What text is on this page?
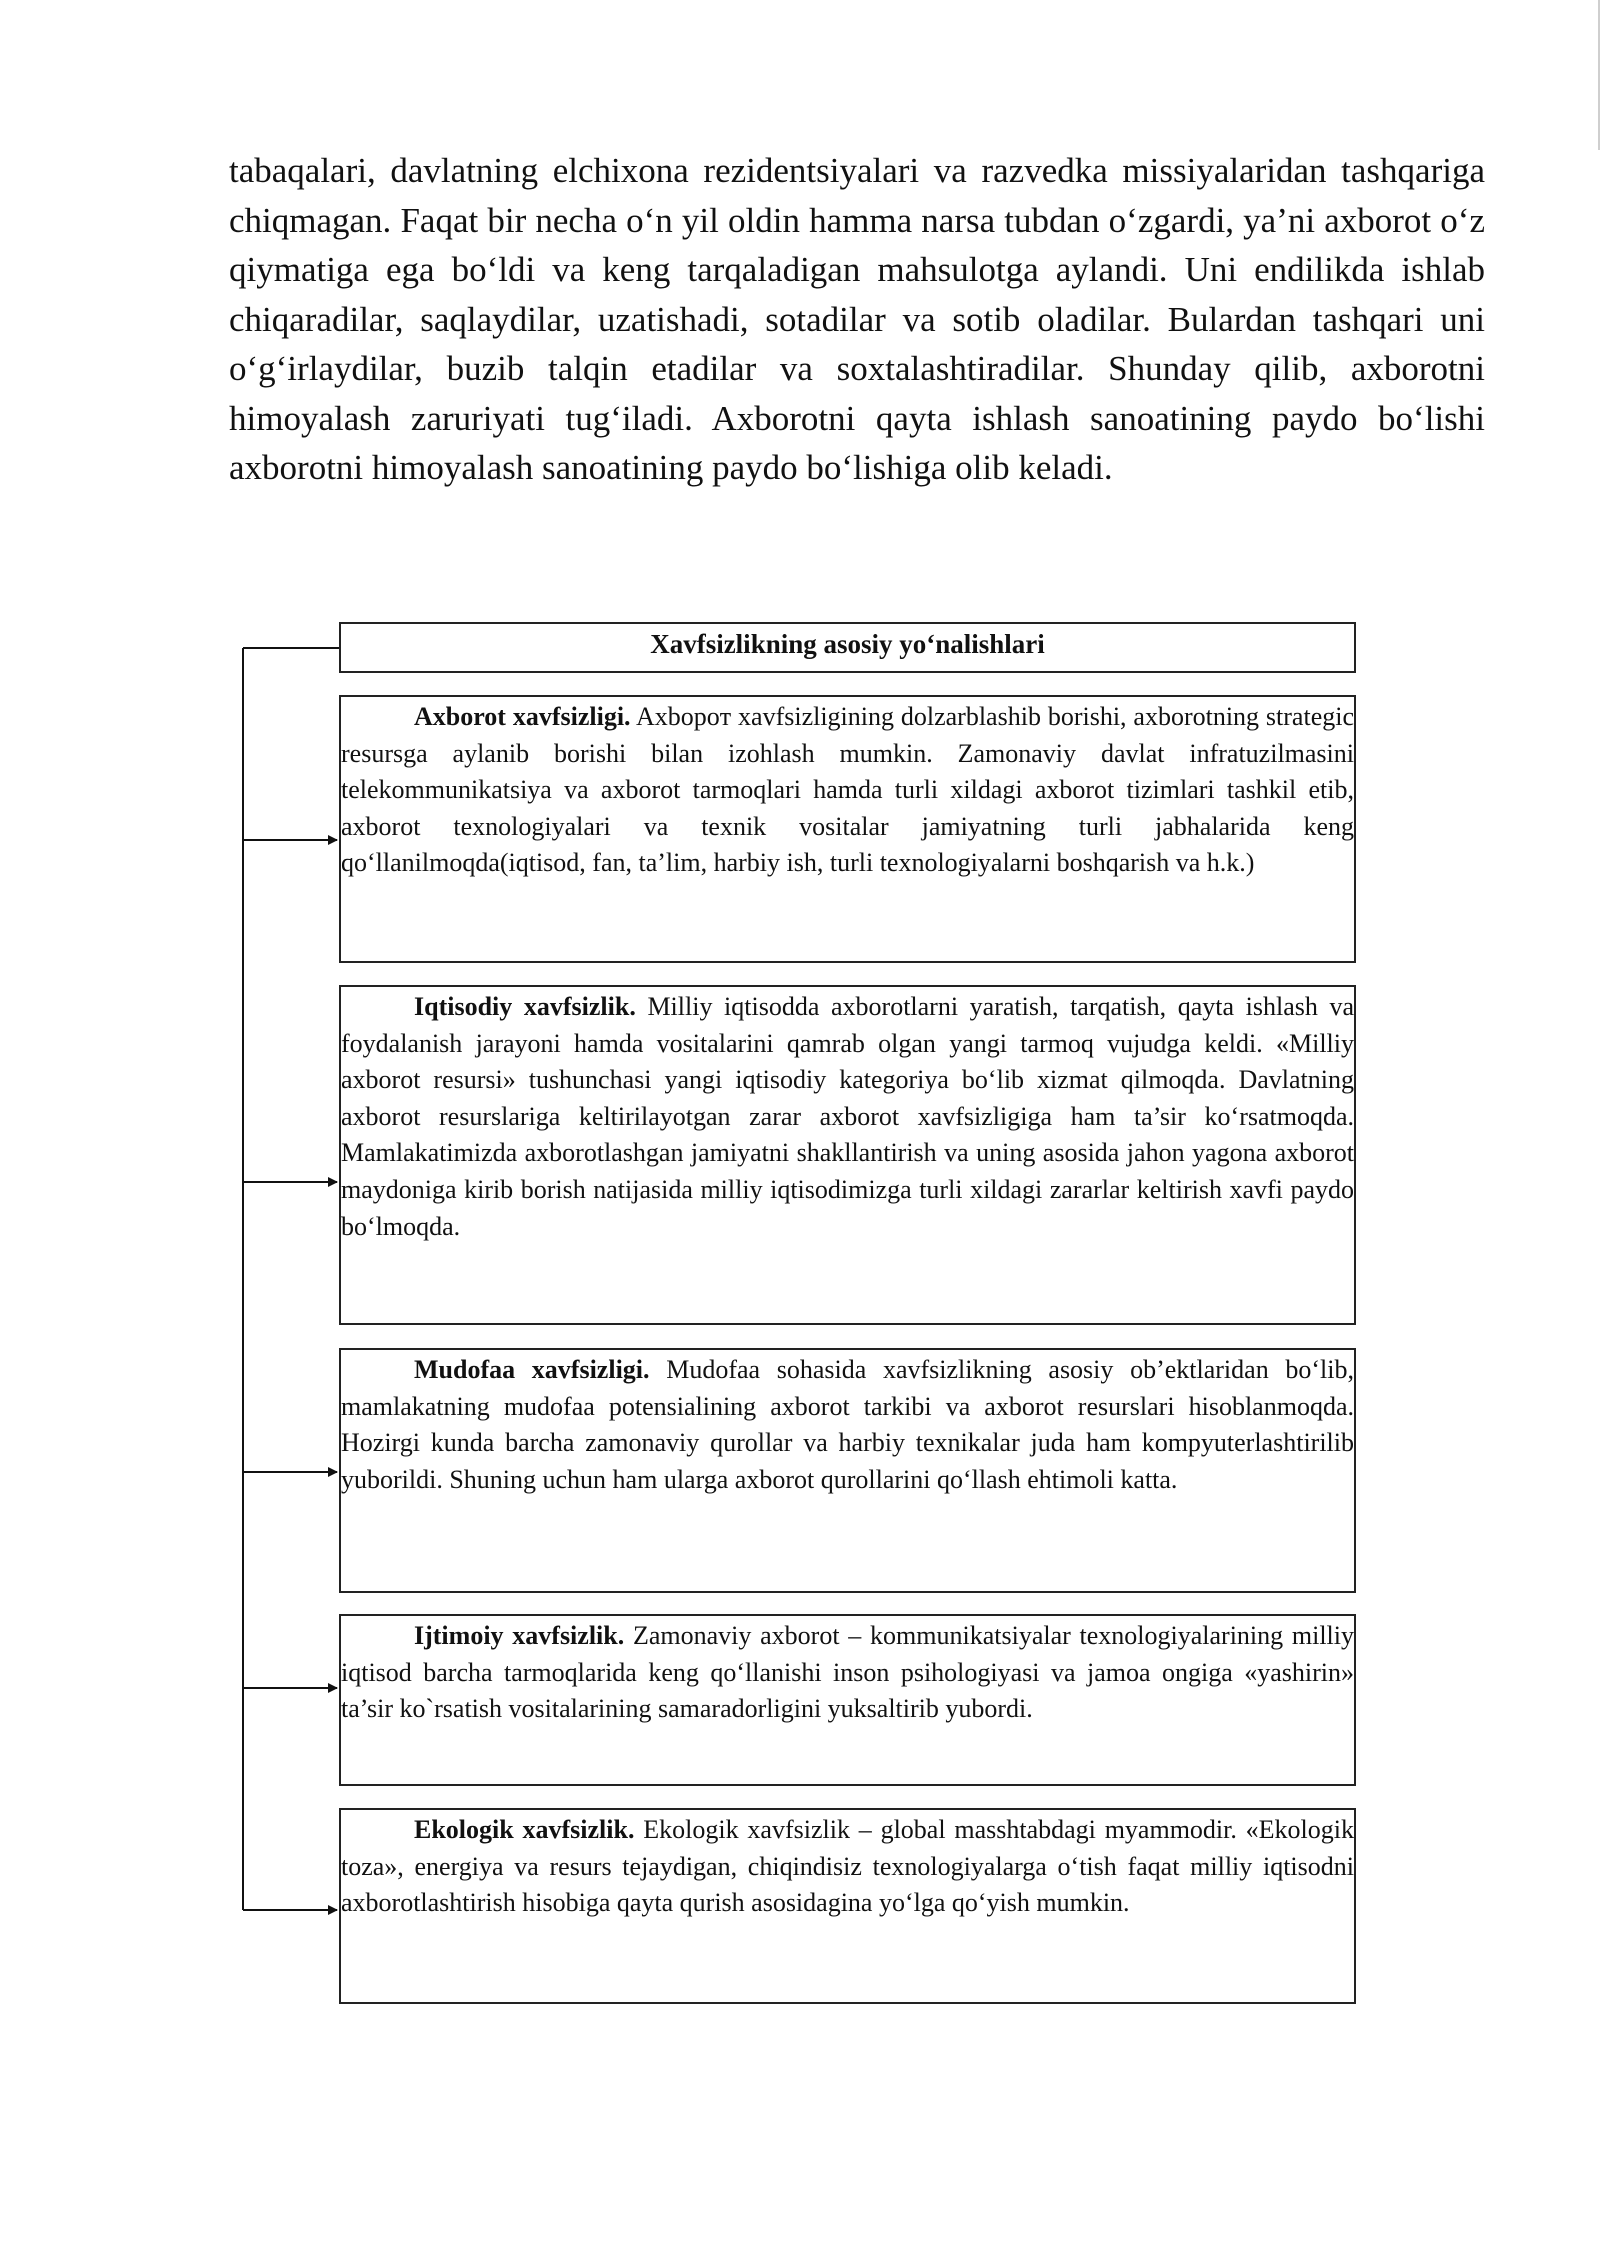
tabaqalari, davlatning elchixona rezidentsiyalari va razvedka missiyalaridan tashqariga chiqmagan. Faqat bir necha o‘n yil oldin hamma narsa tubdan o‘zgardi, ya’ni axborot o‘z qiymatiga ega bo‘ldi va keng tarqaladigan mahsulotga aylandi. Uni endilikda ishlab chiqaradilar, saqlaydilar, uzatishadi, sotadilar va sotib oladilar. Bulardan tashqari uni o‘g‘irlaydilar, buzib talqin etadilar va soxtalashtiradilar. Shunday qilib, axborotni himoyalash zaruriyati tug‘iladi. Axborotni qayta ishlash sanoatining paydo bo‘lishi axborotni himoyalash sanoatining paydo bo‘lishiga olib keladi.

Xavfsizlikning asosiy yo‘nalishlari

Axborot xavfsizligi. Axbopoт xavfsizligining dolzarblashib borishi, axborotning strategic resursga aylanib borishi bilan izohlash mumkin. Zamonaviy davlat infratuzilmasini telekommunikatsiya va axborot tarmoqlari hamda turli xildagi axborot tizimlari tashkil etib, axborot texnologiyalari va texnik vositalar jamiyatning turli jabhalarida keng qo‘llanilmoqda(iqtisod, fan, ta’lim, harbiy ish, turli texnologiyalarni boshqarish va h.k.)

Iqtisodiy xavfsizlik. Milliy iqtisodda axborotlarni yaratish, tarqatish, qayta ishlash va foydalanish jarayoni hamda vositalarini qamrab olgan yangi tarmoq vujudga keldi. «Milliy axborot resursi» tushunchasi yangi iqtisodiy kategoriya bo‘lib xizmat qilmoqda. Davlatning axborot resurslariga keltirilayotgan zarar axborot xavfsizligiga ham ta’sir ko‘rsatmoqda. Mamlakatimizda axborotlashgan jamiyatni shakllantirish va uning asosida jahon yagona axborot maydoniga kirib borish natijasida milliy iqtisodimizga turli xildagi zararlar keltirish xavfi paydo bo‘lmoqda.

Mudofaa xavfsizligi. Mudofaa sohasida xavfsizlikning asosiy ob’ektlaridan bo‘lib, mamlakatning mudofaa potensialining axborot tarkibi va axborot resurslari hisoblanmoqda. Hozirgi kunda barcha zamonaviy qurollar va harbiy texnikalar juda ham kompyuterlashtirilib yuborildi. Shuning uchun ham ularga axborot qurollarini qo‘llash ehtimoli katta.

Ijtimoiy xavfsizlik. Zamonaviy axborot – kommunikatsiyalar texnologiyalarining milliy iqtisod barcha tarmoqlarida keng qo‘llanishi inson psihologiyasi va jamoa ongiga «yashirin» ta’sir ko`rsatish vositalarining samaradorligini yuksaltirib yubordi.

Ekologik xavfsizlik. Ekologik xavfsizlik – global masshtabdagi myammodir. «Ekologik toza», energiya va resurs tejaydigan, chiqindisiz texnologiyalarga o‘tish faqat milliy iqtisodni axborotlashtirish hisobiga qayta qurish asosidagina yo‘lga qo‘yish mumkin.
